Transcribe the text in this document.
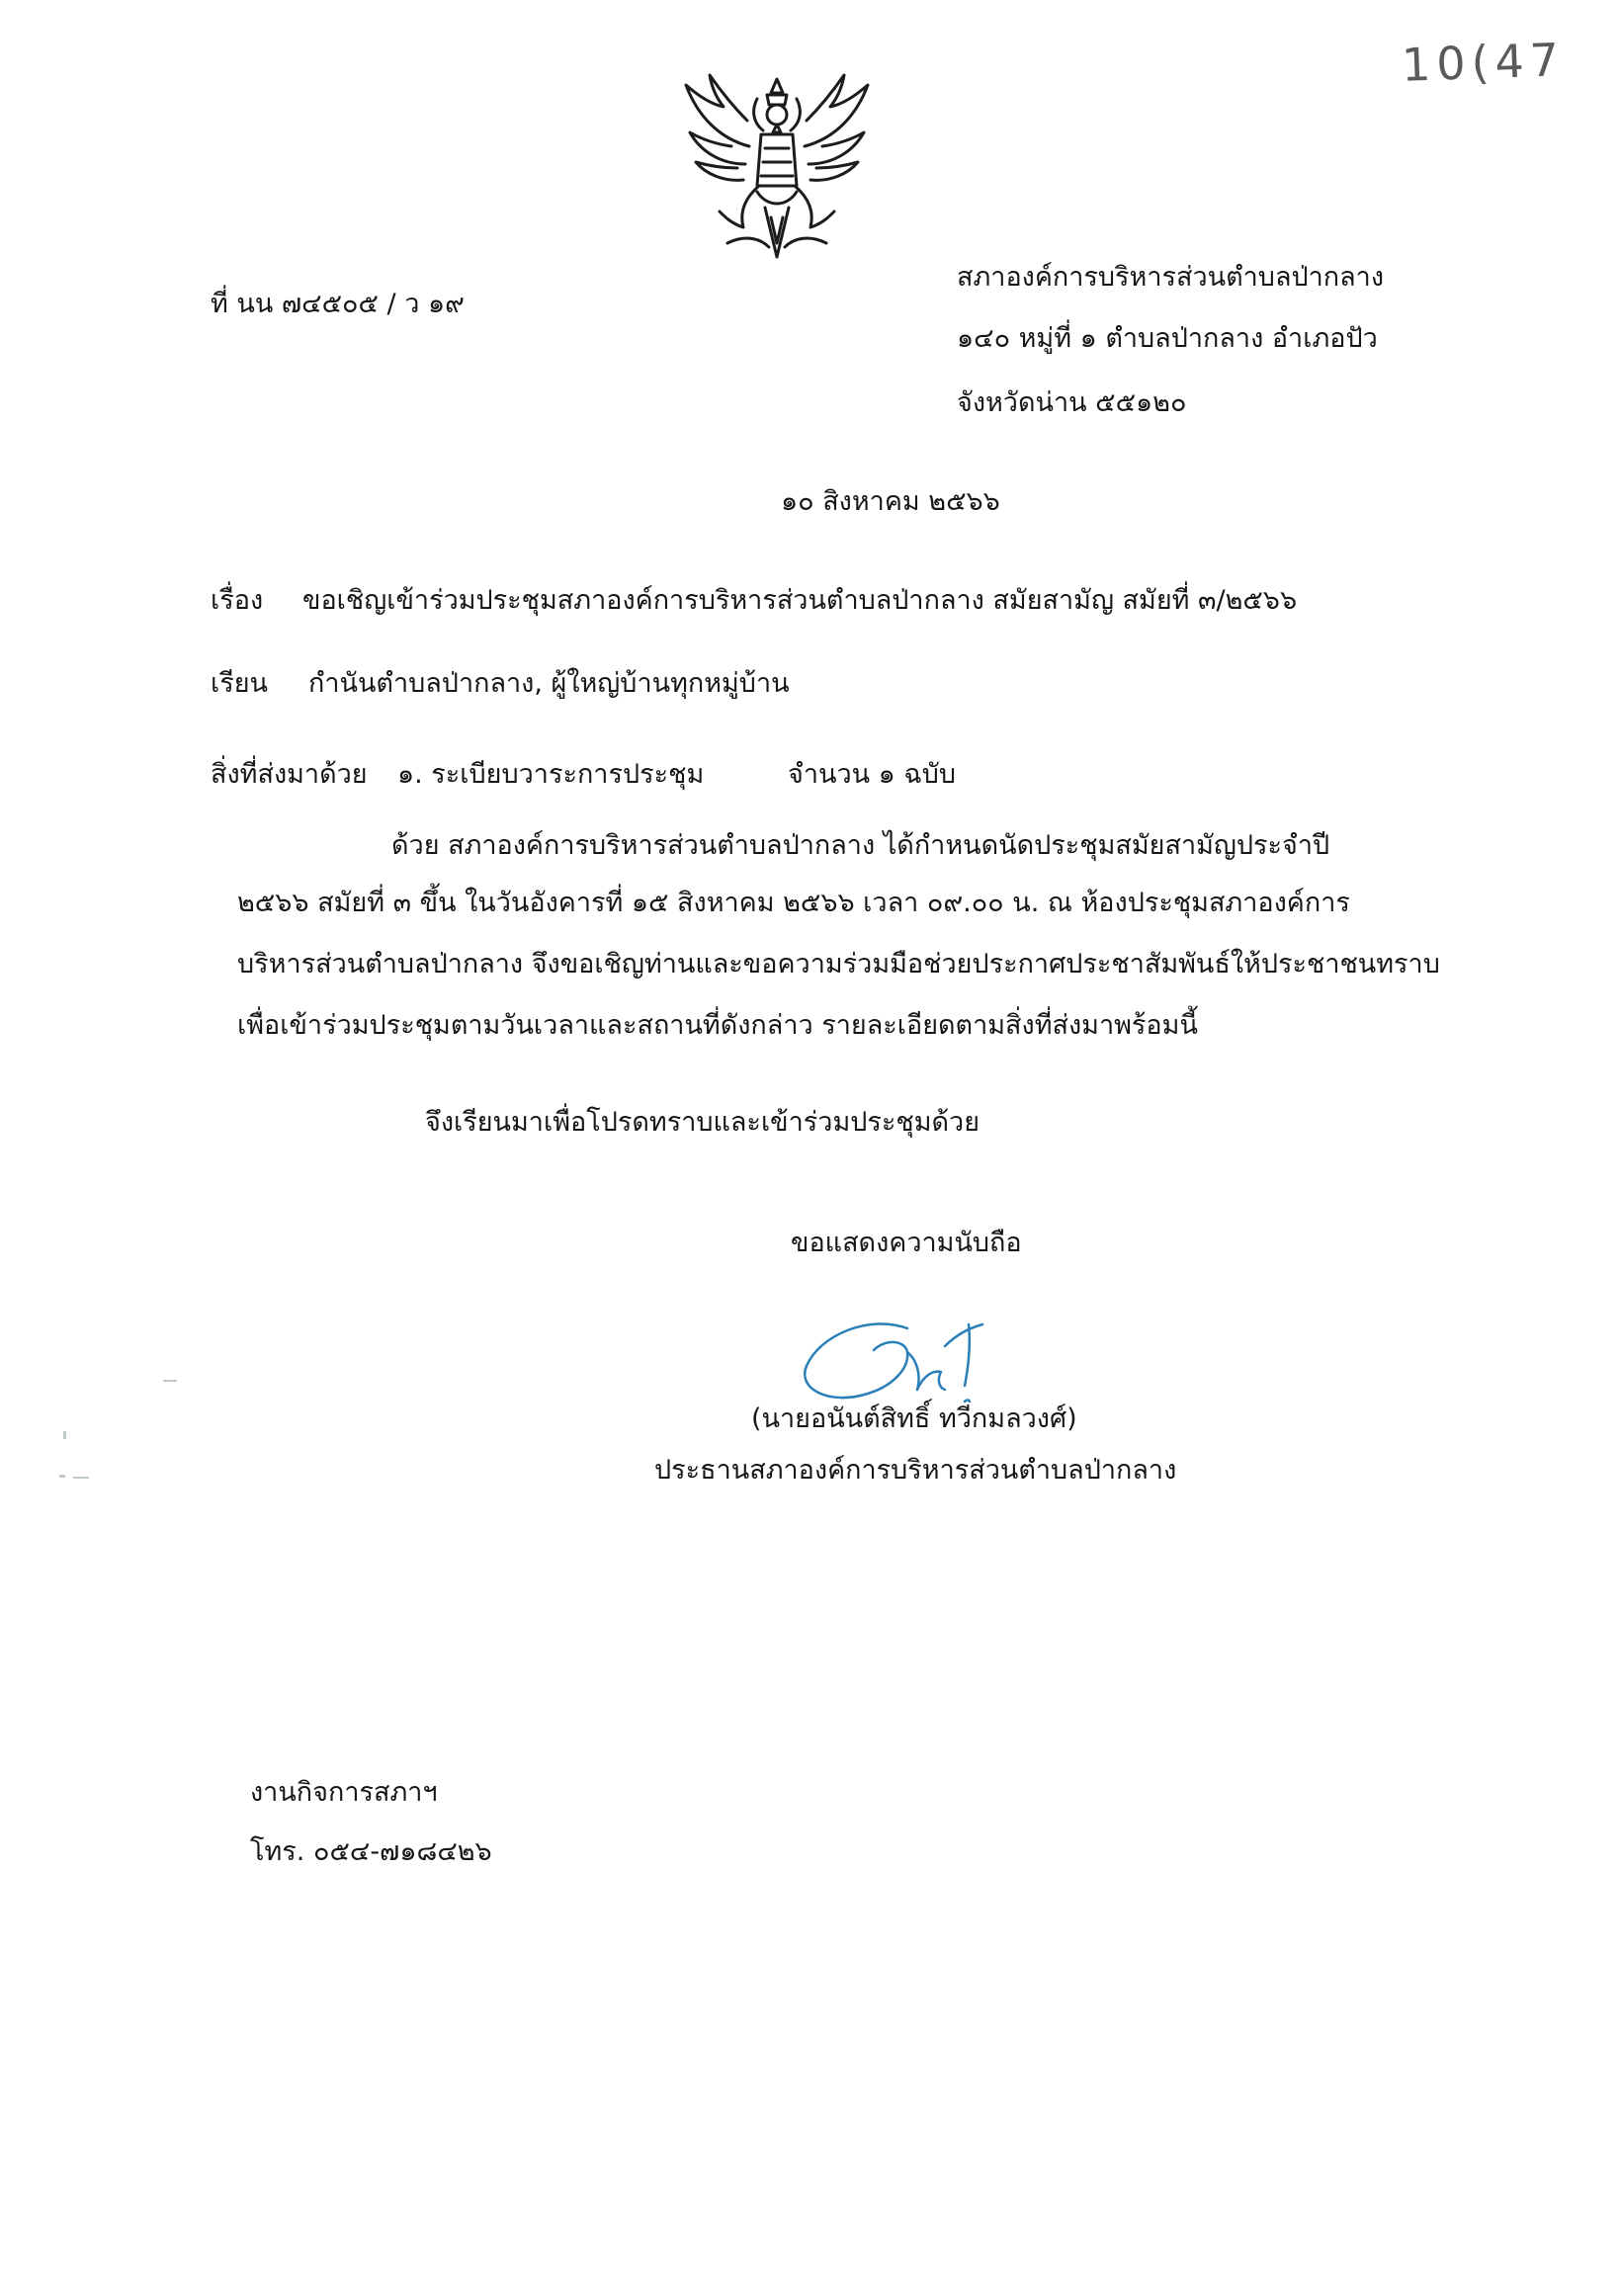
10(47
ที่ นน ๗๔๕๐๕ / ว ๑๙
สภาองค์การบริหารส่วนตำบลป่ากลาง
๑๔๐ หมู่ที่ ๑ ตำบลป่ากลาง อำเภอปัว
จังหวัดน่าน ๕๕๑๒๐
๑๐ สิงหาคม ๒๕๖๖
เรื่อง ขอเชิญเข้าร่วมประชุมสภาองค์การบริหารส่วนตำบลป่ากลาง สมัยสามัญ สมัยที่ ๓/๒๕๖๖
เรียน กำนันตำบลป่ากลาง, ผู้ใหญ่บ้านทุกหมู่บ้าน
สิ่งที่ส่งมาด้วย ๑. ระเบียบวาระการประชุม	จำนวน ๑ ฉบับ
ด้วย สภาองค์การบริหารส่วนตำบลป่ากลาง ได้กำหนดนัดประชุมสมัยสามัญประจำปี
๒๕๖๖ สมัยที่ ๓ ขึ้น ในวันอังคารที่ ๑๕ สิงหาคม ๒๕๖๖ เวลา ๐๙.๐๐ น. ณ ห้องประชุมสภาองค์การ
บริหารส่วนตำบลป่ากลาง จึงขอเชิญท่านและขอความร่วมมือช่วยประกาศประชาสัมพันธ์ให้ประชาชนทราบ
เพื่อเข้าร่วมประชุมตามวันเวลาและสถานที่ดังกล่าว รายละเอียดตามสิ่งที่ส่งมาพร้อมนี้
จึงเรียนมาเพื่อโปรดทราบและเข้าร่วมประชุมด้วย
ขอแสดงความนับถือ
(นายอนันต์สิทธิ์ ทวีกมลวงศ์)
ประธานสภาองค์การบริหารส่วนตำบลป่ากลาง
งานกิจการสภาฯ
โทร. ๐๕๔-๗๑๘๔๒๖
